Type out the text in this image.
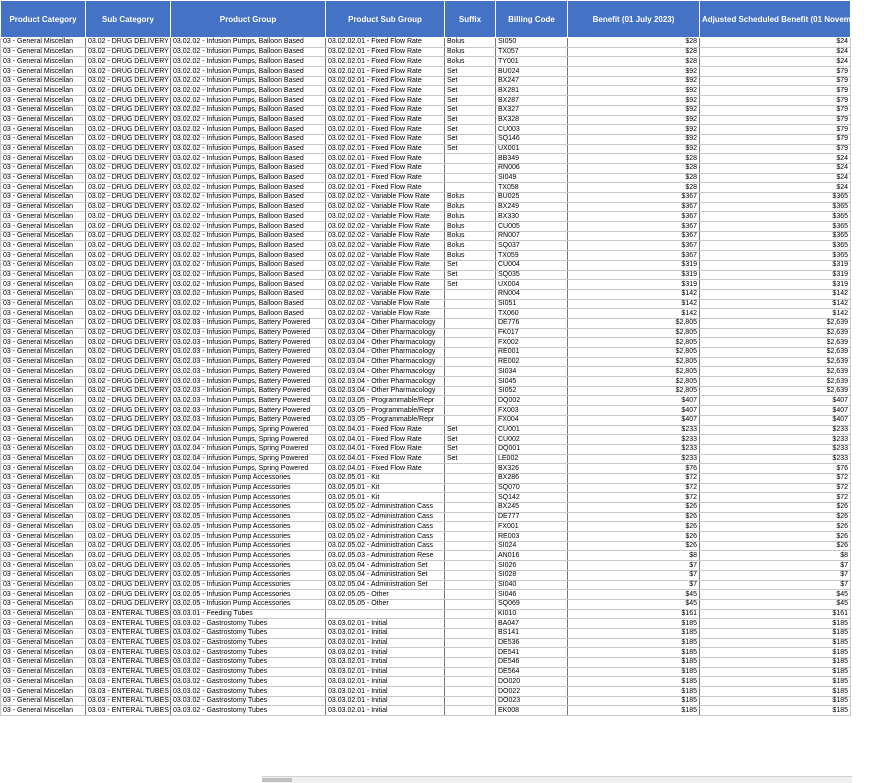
Product Category	Sub Category	Product Group	Product Sub Group	Suffix	Billing Code	Benefit (01 July 2023)	Adjusted Scheduled Benefit (01 November 2023)
03 - General Miscellan	03.02 - DRUG DELIVERY	03.02.02 - Infusion Pumps, Balloon Based	03.02.02.01 - Fixed Flow Rate	Bolus	SI050	$28	$24
03 - General Miscellan	03.02 - DRUG DELIVERY	03.02.02 - Infusion Pumps, Balloon Based	03.02.02.01 - Fixed Flow Rate	Bolus	TX057	$28	$24
03 - General Miscellan	03.02 - DRUG DELIVERY	03.02.02 - Infusion Pumps, Balloon Based	03.02.02.01 - Fixed Flow Rate	Bolus	TY001	$28	$24
03 - General Miscellan	03.02 - DRUG DELIVERY	03.02.02 - Infusion Pumps, Balloon Based	03.02.02.01 - Fixed Flow Rate	Set	BU024	$92	$79
03 - General Miscellan	03.02 - DRUG DELIVERY	03.02.02 - Infusion Pumps, Balloon Based	03.02.02.01 - Fixed Flow Rate	Set	BX247	$92	$79
03 - General Miscellan	03.02 - DRUG DELIVERY	03.02.02 - Infusion Pumps, Balloon Based	03.02.02.01 - Fixed Flow Rate	Set	BX281	$92	$79
03 - General Miscellan	03.02 - DRUG DELIVERY	03.02.02 - Infusion Pumps, Balloon Based	03.02.02.01 - Fixed Flow Rate	Set	BX287	$92	$79
03 - General Miscellan	03.02 - DRUG DELIVERY	03.02.02 - Infusion Pumps, Balloon Based	03.02.02.01 - Fixed Flow Rate	Set	BX327	$92	$79
03 - General Miscellan	03.02 - DRUG DELIVERY	03.02.02 - Infusion Pumps, Balloon Based	03.02.02.01 - Fixed Flow Rate	Set	BX328	$92	$79
03 - General Miscellan	03.02 - DRUG DELIVERY	03.02.02 - Infusion Pumps, Balloon Based	03.02.02.01 - Fixed Flow Rate	Set	CU003	$92	$79
03 - General Miscellan	03.02 - DRUG DELIVERY	03.02.02 - Infusion Pumps, Balloon Based	03.02.02.01 - Fixed Flow Rate	Set	SQ146	$92	$79
03 - General Miscellan	03.02 - DRUG DELIVERY	03.02.02 - Infusion Pumps, Balloon Based	03.02.02.01 - Fixed Flow Rate	Set	UX001	$92	$79
03 - General Miscellan	03.02 - DRUG DELIVERY	03.02.02 - Infusion Pumps, Balloon Based	03.02.02.01 - Fixed Flow Rate		BB349	$28	$24
03 - General Miscellan	03.02 - DRUG DELIVERY	03.02.02 - Infusion Pumps, Balloon Based	03.02.02.01 - Fixed Flow Rate		RN006	$28	$24
03 - General Miscellan	03.02 - DRUG DELIVERY	03.02.02 - Infusion Pumps, Balloon Based	03.02.02.01 - Fixed Flow Rate		SI049	$28	$24
03 - General Miscellan	03.02 - DRUG DELIVERY	03.02.02 - Infusion Pumps, Balloon Based	03.02.02.01 - Fixed Flow Rate		TX058	$28	$24
03 - General Miscellan	03.02 - DRUG DELIVERY	03.02.02 - Infusion Pumps, Balloon Based	03.02.02.02 - Variable Flow Rate	Bolus	BU025	$367	$365
03 - General Miscellan	03.02 - DRUG DELIVERY	03.02.02 - Infusion Pumps, Balloon Based	03.02.02.02 - Variable Flow Rate	Bolus	BX249	$367	$365
03 - General Miscellan	03.02 - DRUG DELIVERY	03.02.02 - Infusion Pumps, Balloon Based	03.02.02.02 - Variable Flow Rate	Bolus	BX330	$367	$365
03 - General Miscellan	03.02 - DRUG DELIVERY	03.02.02 - Infusion Pumps, Balloon Based	03.02.02.02 - Variable Flow Rate	Bolus	CU005	$367	$365
03 - General Miscellan	03.02 - DRUG DELIVERY	03.02.02 - Infusion Pumps, Balloon Based	03.02.02.02 - Variable Flow Rate	Bolus	RN007	$367	$365
03 - General Miscellan	03.02 - DRUG DELIVERY	03.02.02 - Infusion Pumps, Balloon Based	03.02.02.02 - Variable Flow Rate	Bolus	SQ037	$367	$365
03 - General Miscellan	03.02 - DRUG DELIVERY	03.02.02 - Infusion Pumps, Balloon Based	03.02.02.02 - Variable Flow Rate	Bolus	TX059	$367	$365
03 - General Miscellan	03.02 - DRUG DELIVERY	03.02.02 - Infusion Pumps, Balloon Based	03.02.02.02 - Variable Flow Rate	Set	CU004	$319	$319
03 - General Miscellan	03.02 - DRUG DELIVERY	03.02.02 - Infusion Pumps, Balloon Based	03.02.02.02 - Variable Flow Rate	Set	SQ035	$319	$319
03 - General Miscellan	03.02 - DRUG DELIVERY	03.02.02 - Infusion Pumps, Balloon Based	03.02.02.02 - Variable Flow Rate	Set	UX004	$319	$319
03 - General Miscellan	03.02 - DRUG DELIVERY	03.02.02 - Infusion Pumps, Balloon Based	03.02.02.02 - Variable Flow Rate		RN004	$142	$142
03 - General Miscellan	03.02 - DRUG DELIVERY	03.02.02 - Infusion Pumps, Balloon Based	03.02.02.02 - Variable Flow Rate		SI051	$142	$142
03 - General Miscellan	03.02 - DRUG DELIVERY	03.02.02 - Infusion Pumps, Balloon Based	03.02.02.02 - Variable Flow Rate		TX060	$142	$142
03 - General Miscellan	03.02 - DRUG DELIVERY	03.02.03 - Infusion Pumps, Battery Powered	03.02.03.04 - Other Pharmacology		DE776	$2,805	$2,639
03 - General Miscellan	03.02 - DRUG DELIVERY	03.02.03 - Infusion Pumps, Battery Powered	03.02.03.04 - Other Pharmacology		FK017	$2,805	$2,639
03 - General Miscellan	03.02 - DRUG DELIVERY	03.02.03 - Infusion Pumps, Battery Powered	03.02.03.04 - Other Pharmacology		FX002	$2,805	$2,639
03 - General Miscellan	03.02 - DRUG DELIVERY	03.02.03 - Infusion Pumps, Battery Powered	03.02.03.04 - Other Pharmacology		RE001	$2,805	$2,639
03 - General Miscellan	03.02 - DRUG DELIVERY	03.02.03 - Infusion Pumps, Battery Powered	03.02.03.04 - Other Pharmacology		RE002	$2,805	$2,639
03 - General Miscellan	03.02 - DRUG DELIVERY	03.02.03 - Infusion Pumps, Battery Powered	03.02.03.04 - Other Pharmacology		SI034	$2,805	$2,639
03 - General Miscellan	03.02 - DRUG DELIVERY	03.02.03 - Infusion Pumps, Battery Powered	03.02.03.04 - Other Pharmacology		SI045	$2,805	$2,639
03 - General Miscellan	03.02 - DRUG DELIVERY	03.02.03 - Infusion Pumps, Battery Powered	03.02.03.04 - Other Pharmacology		SI052	$2,805	$2,639
03 - General Miscellan	03.02 - DRUG DELIVERY	03.02.03 - Infusion Pumps, Battery Powered	03.02.03.05 - Programmable/Repr		DQ002	$407	$407
03 - General Miscellan	03.02 - DRUG DELIVERY	03.02.03 - Infusion Pumps, Battery Powered	03.02.03.05 - Programmable/Repr		FX003	$407	$407
03 - General Miscellan	03.02 - DRUG DELIVERY	03.02.03 - Infusion Pumps, Battery Powered	03.02.03.05 - Programmable/Repr		FX004	$407	$407
03 - General Miscellan	03.02 - DRUG DELIVERY	03.02.04 - Infusion Pumps, Spring Powered	03.02.04.01 - Fixed Flow Rate	Set	CU001	$233	$233
03 - General Miscellan	03.02 - DRUG DELIVERY	03.02.04 - Infusion Pumps, Spring Powered	03.02.04.01 - Fixed Flow Rate	Set	CU002	$233	$233
03 - General Miscellan	03.02 - DRUG DELIVERY	03.02.04 - Infusion Pumps, Spring Powered	03.02.04.01 - Fixed Flow Rate	Set	DQ001	$233	$233
03 - General Miscellan	03.02 - DRUG DELIVERY	03.02.04 - Infusion Pumps, Spring Powered	03.02.04.01 - Fixed Flow Rate	Set	LE002	$233	$233
03 - General Miscellan	03.02 - DRUG DELIVERY	03.02.04 - Infusion Pumps, Spring Powered	03.02.04.01 - Fixed Flow Rate		BX326	$76	$76
03 - General Miscellan	03.02 - DRUG DELIVERY	03.02.05 - Infusion Pump Accessories	03.02.05.01 - Kit		BX286	$72	$72
03 - General Miscellan	03.02 - DRUG DELIVERY	03.02.05 - Infusion Pump Accessories	03.02.05.01 - Kit		SQ070	$72	$72
03 - General Miscellan	03.02 - DRUG DELIVERY	03.02.05 - Infusion Pump Accessories	03.02.05.01 - Kit		SQ142	$72	$72
03 - General Miscellan	03.02 - DRUG DELIVERY	03.02.05 - Infusion Pump Accessories	03.02.05.02 - Administration Cass		BX245	$26	$26
03 - General Miscellan	03.02 - DRUG DELIVERY	03.02.05 - Infusion Pump Accessories	03.02.05.02 - Administration Cass		DE777	$26	$26
03 - General Miscellan	03.02 - DRUG DELIVERY	03.02.05 - Infusion Pump Accessories	03.02.05.02 - Administration Cass		FX001	$26	$26
03 - General Miscellan	03.02 - DRUG DELIVERY	03.02.05 - Infusion Pump Accessories	03.02.05.02 - Administration Cass		RE003	$26	$26
03 - General Miscellan	03.02 - DRUG DELIVERY	03.02.05 - Infusion Pump Accessories	03.02.05.02 - Administration Cass		SI024	$26	$26
03 - General Miscellan	03.02 - DRUG DELIVERY	03.02.05 - Infusion Pump Accessories	03.02.05.03 - Administration Rese		AN016	$8	$8
03 - General Miscellan	03.02 - DRUG DELIVERY	03.02.05 - Infusion Pump Accessories	03.02.05.04 - Administration Set		SI026	$7	$7
03 - General Miscellan	03.02 - DRUG DELIVERY	03.02.05 - Infusion Pump Accessories	03.02.05.04 - Administration Set		SI028	$7	$7
03 - General Miscellan	03.02 - DRUG DELIVERY	03.02.05 - Infusion Pump Accessories	03.02.05.04 - Administration Set		SI040	$7	$7
03 - General Miscellan	03.02 - DRUG DELIVERY	03.02.05 - Infusion Pump Accessories	03.02.05.05 - Other		SI046	$45	$45
03 - General Miscellan	03.02 - DRUG DELIVERY	03.02.05 - Infusion Pump Accessories	03.02.05.05 - Other		SQ069	$45	$45
03 - General Miscellan	03.03 - ENTERAL TUBES	03.03.01 - Feeding Tubes			KI010	$161	$161
03 - General Miscellan	03.03 - ENTERAL TUBES	03.03.02 - Gastrostomy Tubes	03.03.02.01 - Initial		BA047	$185	$185
03 - General Miscellan	03.03 - ENTERAL TUBES	03.03.02 - Gastrostomy Tubes	03.03.02.01 - Initial		BS141	$185	$185
03 - General Miscellan	03.03 - ENTERAL TUBES	03.03.02 - Gastrostomy Tubes	03.03.02.01 - Initial		DE536	$185	$185
03 - General Miscellan	03.03 - ENTERAL TUBES	03.03.02 - Gastrostomy Tubes	03.03.02.01 - Initial		DE541	$185	$185
03 - General Miscellan	03.03 - ENTERAL TUBES	03.03.02 - Gastrostomy Tubes	03.03.02.01 - Initial		DE546	$185	$185
03 - General Miscellan	03.03 - ENTERAL TUBES	03.03.02 - Gastrostomy Tubes	03.03.02.01 - Initial		DE564	$185	$185
03 - General Miscellan	03.03 - ENTERAL TUBES	03.03.02 - Gastrostomy Tubes	03.03.02.01 - Initial		DO020	$185	$185
03 - General Miscellan	03.03 - ENTERAL TUBES	03.03.02 - Gastrostomy Tubes	03.03.02.01 - Initial		DO022	$185	$185
03 - General Miscellan	03.03 - ENTERAL TUBES	03.03.02 - Gastrostomy Tubes	03.03.02.01 - Initial		DO023	$185	$185
03 - General Miscellan	03.03 - ENTERAL TUBES	03.03.02 - Gastrostomy Tubes	03.03.02.01 - Initial		EK008	$185	$185
